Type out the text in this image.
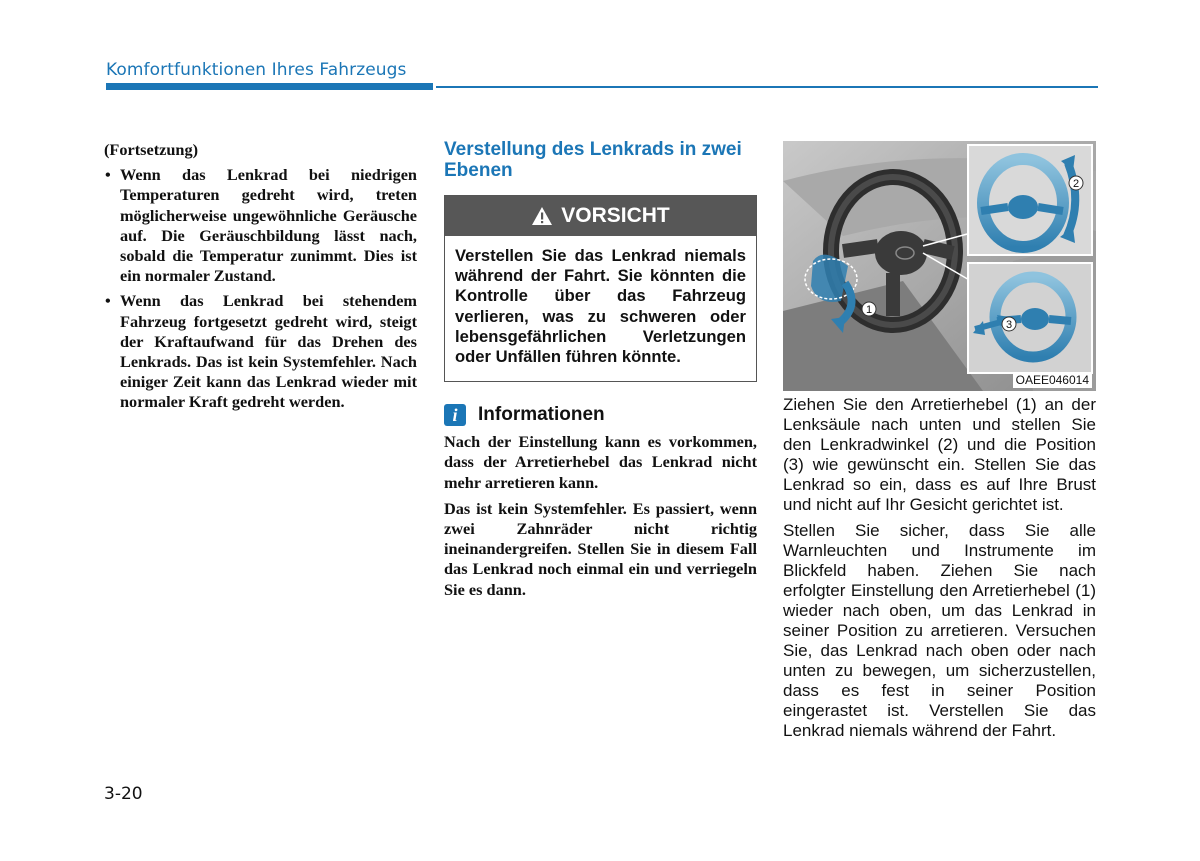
Komfortfunktionen Ihres Fahrzeugs

(Fortsetzung)

• Wenn das Lenkrad bei niedrigen Temperaturen gedreht wird, treten möglicherweise ungewöhnliche Geräusche auf. Die Geräuschbildung lässt nach, sobald die Temperatur zunimmt. Dies ist ein normaler Zustand.
• Wenn das Lenkrad bei stehendem Fahrzeug fortgesetzt gedreht wird, steigt der Kraftaufwand für das Drehen des Lenkrads. Das ist kein Systemfehler. Nach einiger Zeit kann das Lenkrad wieder mit normaler Kraft gedreht werden.
Verstellung des Lenkrads in zwei Ebenen
VORSICHT
Verstellen Sie das Lenkrad niemals während der Fahrt. Sie könnten die Kontrolle über das Fahrzeug verlieren, was zu schweren oder lebensgefährlichen Verletzungen oder Unfällen führen könnte.
i	Informationen

Nach der Einstellung kann es vorkommen, dass der Arretierhebel das Lenkrad nicht mehr arretieren kann.

Das ist kein Systemfehler. Es passiert, wenn zwei Zahnräder nicht richtig ineinandergreifen. Stellen Sie in diesem Fall das Lenkrad noch einmal ein und verriegeln Sie es dann.

1
2
3
OAEE046014

Ziehen Sie den Arretierhebel (1) an der Lenksäule nach unten und stellen Sie den Lenkradwinkel (2) und die Position (3) wie gewünscht ein. Stellen Sie das Lenkrad so ein, dass es auf Ihre Brust und nicht auf Ihr Gesicht gerichtet ist.

Stellen Sie sicher, dass Sie alle Warnleuchten und Instrumente im Blickfeld haben. Ziehen Sie nach erfolgter Einstellung den Arretierhebel (1) wieder nach oben, um das Lenkrad in seiner Position zu arretieren. Versuchen Sie, das Lenkrad nach oben oder nach unten zu bewegen, um sicherzustellen, dass es fest in seiner Position eingerastet ist. Verstellen Sie das Lenkrad niemals während der Fahrt.

3-20
